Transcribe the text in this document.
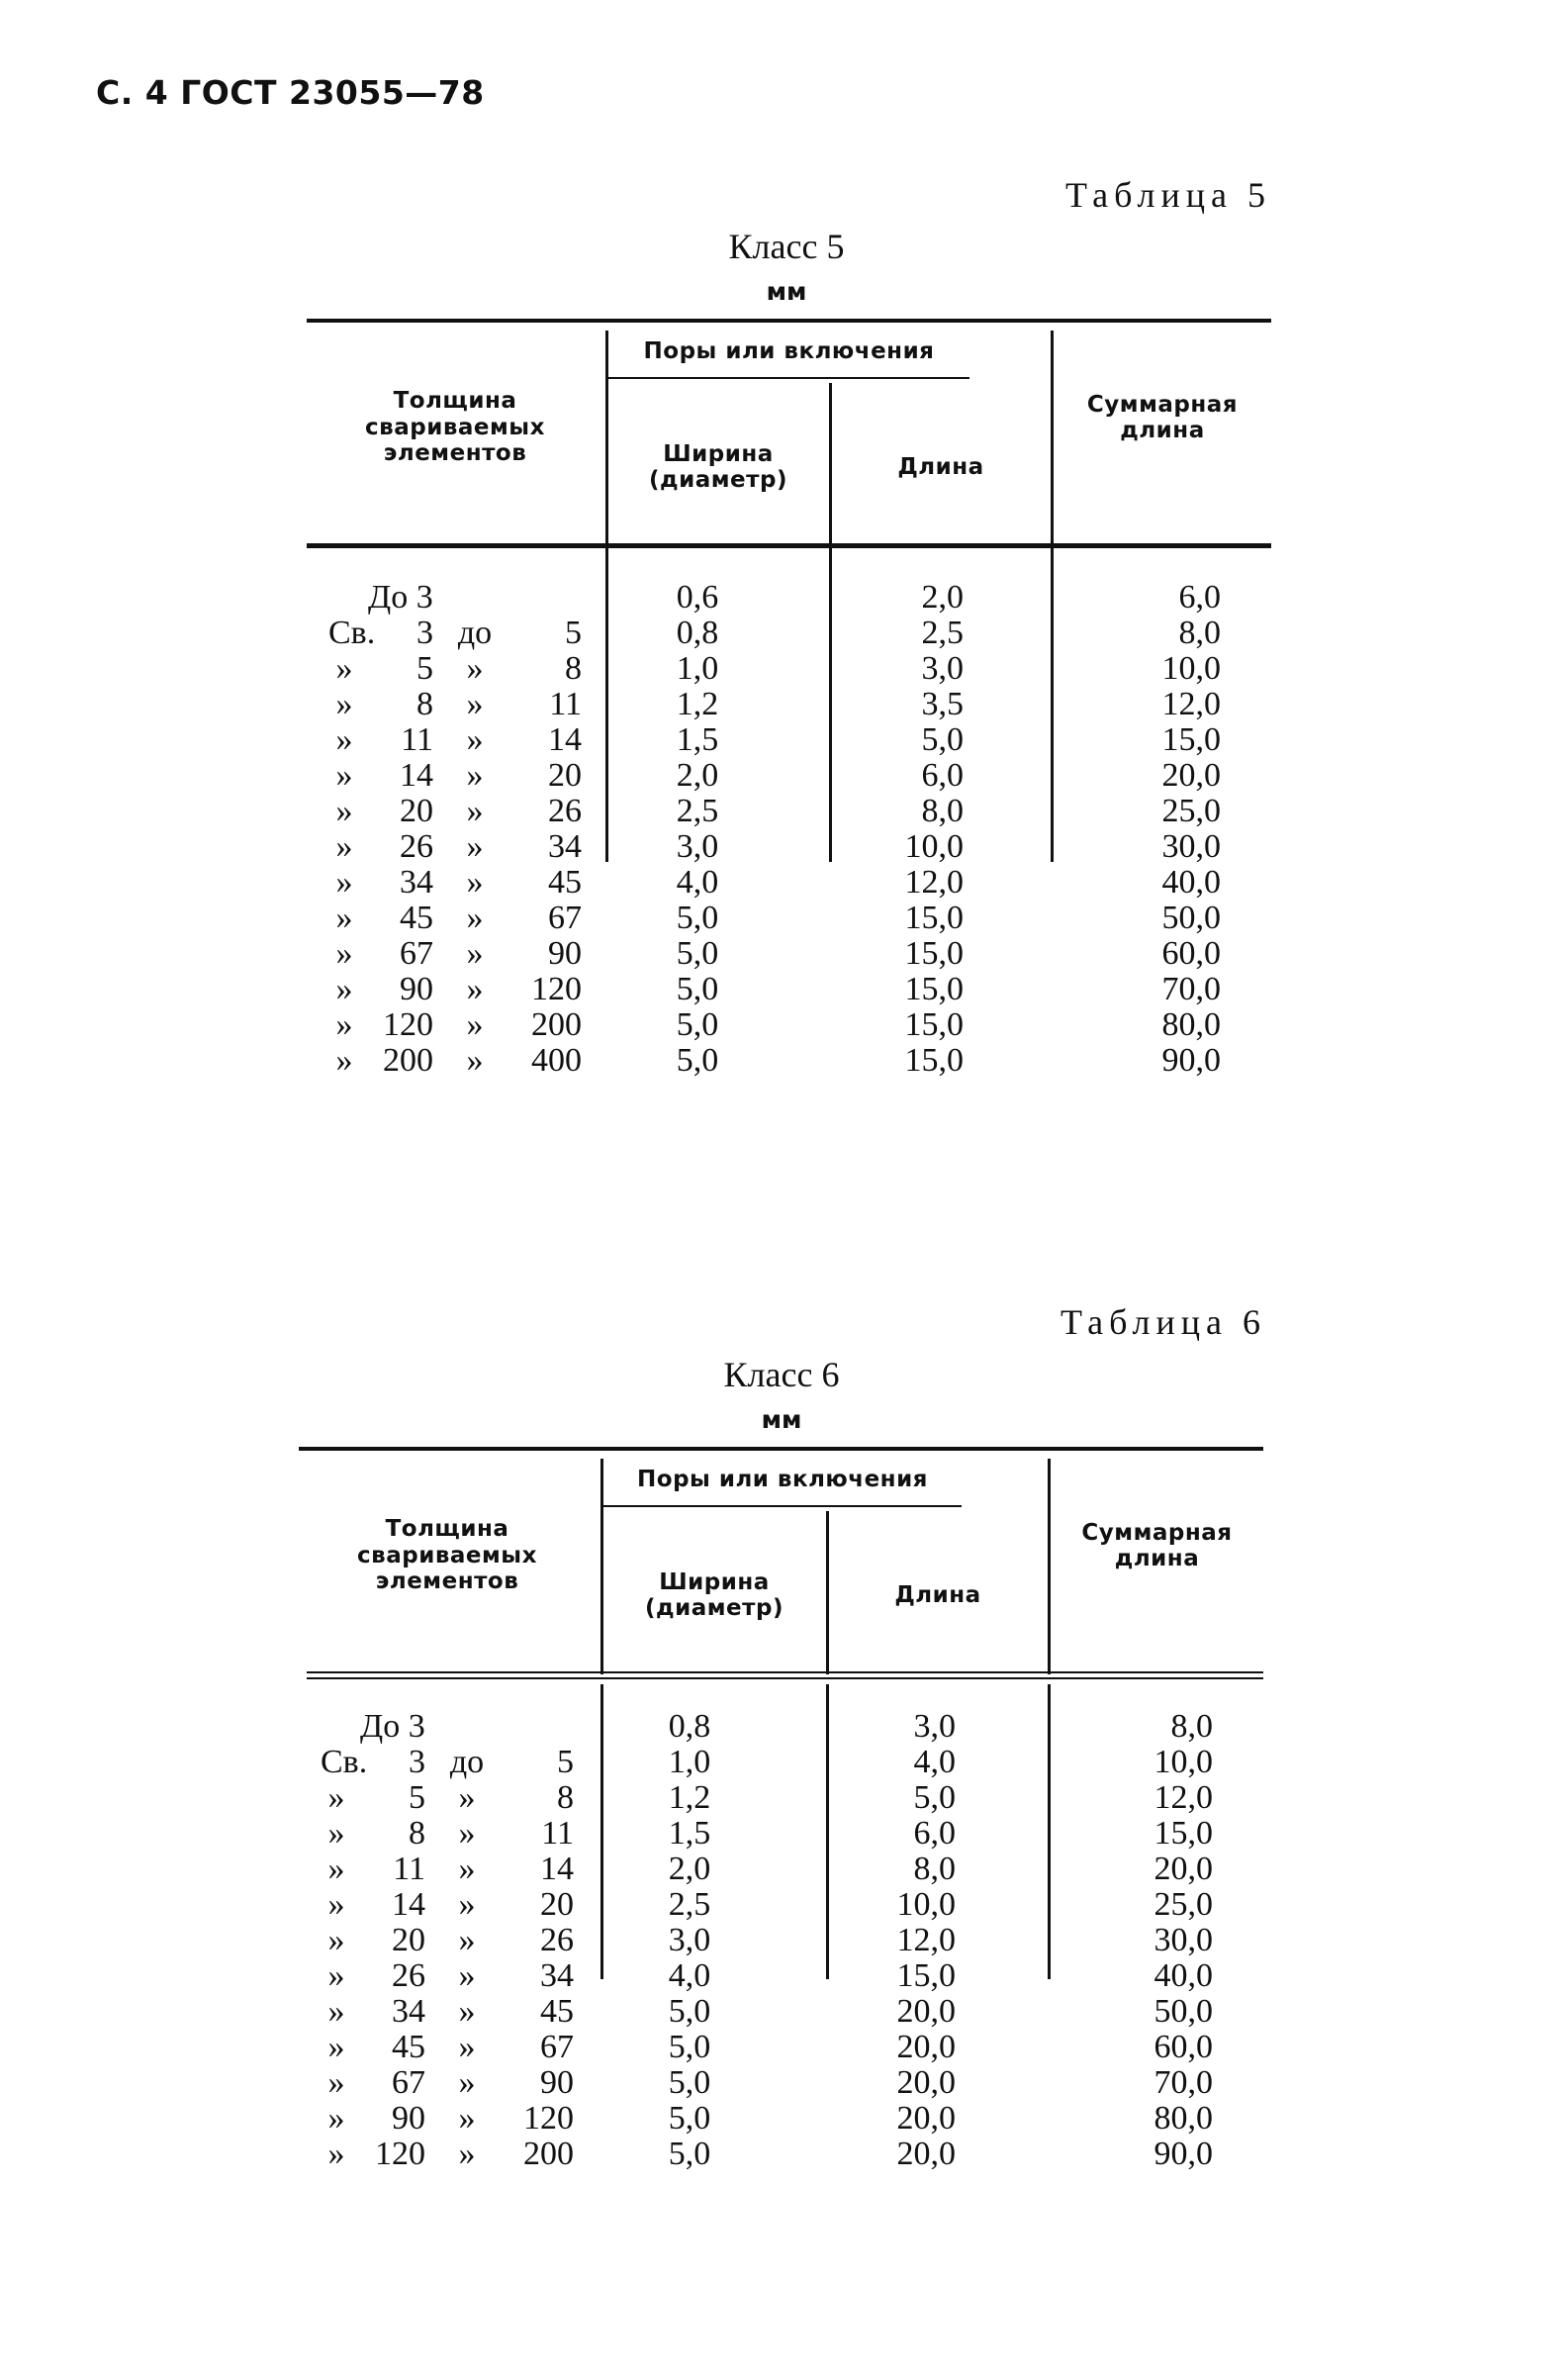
С. 4 ГОСТ 23055—78
Таблица 5
Класс 5
мм
Толщина
свариваемых
элементов
Поры или включения
Ширина
(диаметр)
Длина
Суммарная
длина
До 3	0,6	2,0	6,0
Св.	3 до	5	0,8	2,5	8,0
»	5 »	8	1,0	3,0	10,0
»	8 »	11	1,2	3,5	12,0
»	11 »	14	1,5	5,0	15,0
»	14 »	20	2,0	6,0	20,0
»	20 »	26	2,5	8,0	25,0
»	26 »	34	3,0	10,0	30,0
»	34 »	45	4,0	12,0	40,0
»	45 »	67	5,0	15,0	50,0
»	67 »	90	5,0	15,0	60,0
»	90 »	120	5,0	15,0	70,0
» 120 »	200	5,0	15,0	80,0
» 200 »	400	5,0	15,0	90,0
Таблица 6
Класс 6
мм
Толщина
свариваемых
элементов
Поры или включения
Ширина
(диаметр)
Длина
Суммарная
длина
До 3	0,8	3,0	8,0
Св.	3 до	5	1,0	4,0	10,0
»	5 »	8	1,2	5,0	12,0
»	8 »	11	1,5	6,0	15,0
»	11 »	14	2,0	8,0	20,0
»	14 »	20	2,5	10,0	25,0
»	20 »	26	3,0	12,0	30,0
»	26 »	34	4,0	15,0	40,0
»	34 »	45	5,0	20,0	50,0
»	45 »	67	5,0	20,0	60,0
»	67 »	90	5,0	20,0	70,0
»	90 »	120	5,0	20,0	80,0
» 120 »	200	5,0	20,0	90,0
